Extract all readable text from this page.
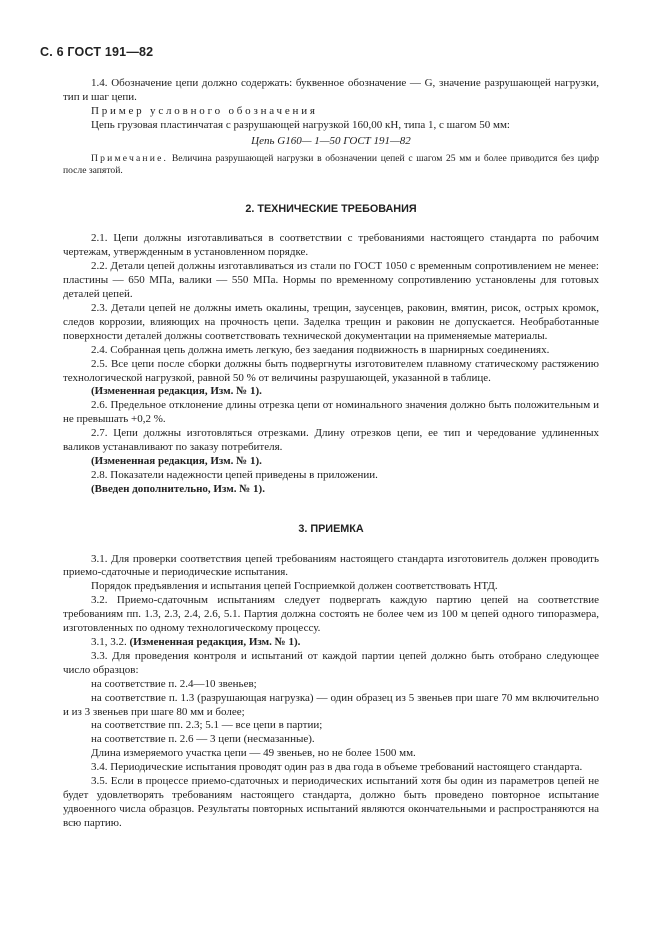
С. 6 ГОСТ 191—82

1.4. Обозначение цепи должно содержать: буквенное обозначение — G, значение разрушающей нагрузки, тип и шаг цепи.

Пример условного обозначения

Цепь грузовая пластинчатая с разрушающей нагрузкой 160,00 кН, типа 1, с шагом 50 мм:

Цепь G160— 1—50 ГОСТ 191—82

Примечание. Величина разрушающей нагрузки в обозначении цепей с шагом 25 мм и более приводится без цифр после запятой.

2. ТЕХНИЧЕСКИЕ ТРЕБОВАНИЯ

2.1. Цепи должны изготавливаться в соответствии с требованиями настоящего стандарта по рабочим чертежам, утвержденным в установленном порядке.

2.2. Детали цепей должны изготавливаться из стали по ГОСТ 1050 с временным сопротивлением не менее: пластины — 650 МПа, валики — 550 МПа. Нормы по временному сопротивлению установлены для готовых деталей цепей.

2.3. Детали цепей не должны иметь окалины, трещин, заусенцев, раковин, вмятин, рисок, острых кромок, следов коррозии, влияющих на прочность цепи. Заделка трещин и раковин не допускается. Необработанные поверхности деталей должны соответствовать технической документации на применяемые материалы.

2.4. Собранная цепь должна иметь легкую, без заедания подвижность в шарнирных соединениях.

2.5. Все цепи после сборки должны быть подвергнуты изготовителем плавному статическому растяжению технологической нагрузкой, равной 50 % от величины разрушающей, указанной в таблице.

(Измененная редакция, Изм. № 1).

2.6. Предельное отклонение длины отрезка цепи от номинального значения должно быть положительным и не превышать +0,2 %.

2.7. Цепи должны изготовляться отрезками. Длину отрезков цепи, ее тип и чередование удлиненных валиков устанавливают по заказу потребителя.

(Измененная редакция, Изм. № 1).

2.8. Показатели надежности цепей приведены в приложении.

(Введен дополнительно, Изм. № 1).

3. ПРИЕМКА

3.1. Для проверки соответствия цепей требованиям настоящего стандарта изготовитель должен проводить приемо-сдаточные и периодические испытания.

Порядок предъявления и испытания цепей Госприемкой должен соответствовать НТД.

3.2. Приемо-сдаточным испытаниям следует подвергать каждую партию цепей на соответствие требованиям пп. 1.3, 2.3, 2.4, 2.6, 5.1. Партия должна состоять не более чем из 100 м цепей одного типоразмера, изготовленных по одному технологическому процессу.

3.1, 3.2. (Измененная редакция, Изм. № 1).

3.3. Для проведения контроля и испытаний от каждой партии цепей должно быть отобрано следующее число образцов:

на соответствие п. 2.4—10 звеньев;

на соответствие п. 1.3 (разрушающая нагрузка) — один образец из 5 звеньев при шаге 70 мм включительно и из 3 звеньев при шаге 80 мм и более;

на соответствие пп. 2.3; 5.1 — все цепи в партии;

на соответствие п. 2.6 — 3 цепи (несмазанные).

Длина измеряемого участка цепи — 49 звеньев, но не более 1500 мм.

3.4. Периодические испытания проводят один раз в два года в объеме требований настоящего стандарта.

3.5. Если в процессе приемо-сдаточных и периодических испытаний хотя бы один из параметров цепей не будет удовлетворять требованиям настоящего стандарта, должно быть проведено повторное испытание удвоенного числа образцов. Результаты повторных испытаний являются окончательными и распространяются на всю партию.
